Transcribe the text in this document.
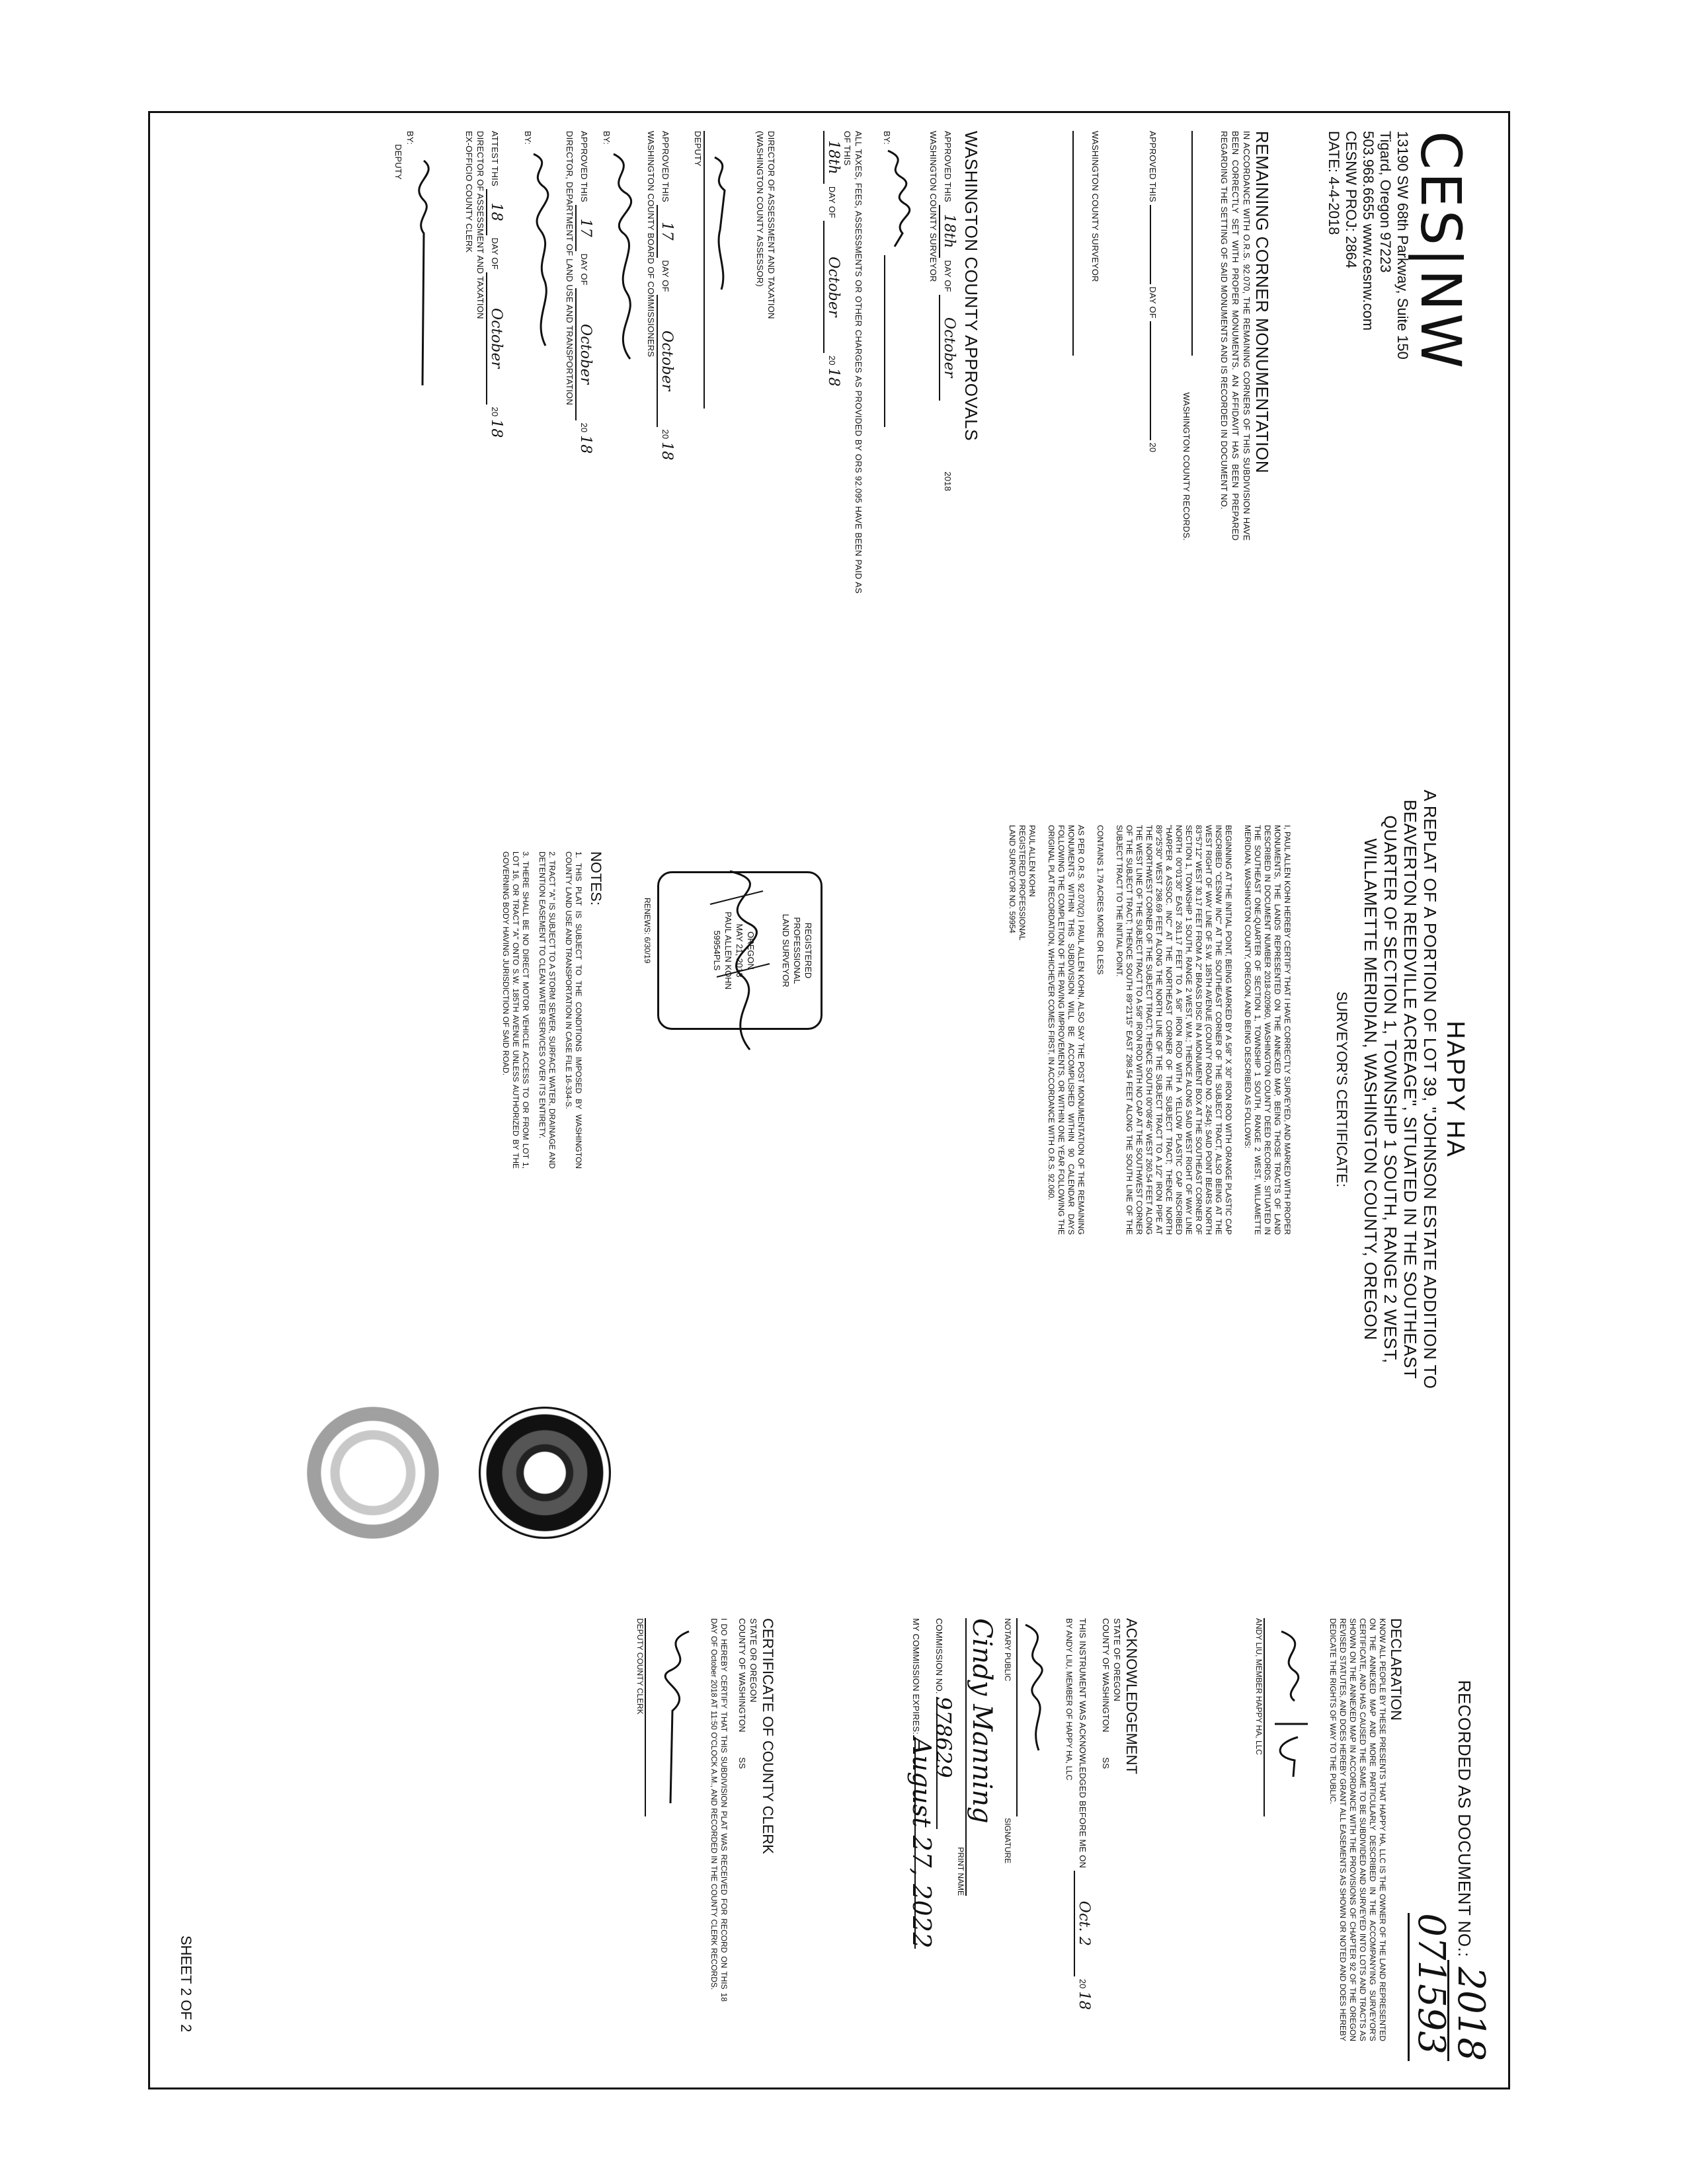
CES|NW
13190 SW 68th Parkway, Suite 150
Tigard, Oregon 97223
503.968.6655 www.cesnw.com
CESNW PROJ: 2864
DATE: 4-4-2018
REMAINING CORNER MONUMENTATION
IN ACCORDANCE WITH O.R.S. 92.070, THE REMAINING CORNERS OF THIS SUBDIVISION HAVE BEEN CORRECTLY SET WITH PROPER MONUMENTS. AN AFFIDAVIT HAS BEEN PREPARED REGARDING THE SETTING OF SAID MONUMENTS AND IS RECORDED IN DOCUMENT NO.
WASHINGTON COUNTY RECORDS.
APPROVED THIS  DAY OF  20
WASHINGTON COUNTY SURVEYOR
WASHINGTON COUNTY APPROVALS
APPROVED THIS 18th DAY OF October  2018
WASHINGTON COUNTY SURVEYOR
BY:
ALL TAXES, FEES, ASSESSMENTS OR OTHER CHARGES AS PROVIDED BY ORS 92.095 HAVE BEEN PAID AS OF THIS
18th DAY OF October 20 18
DIRECTOR OF ASSESSMENT AND TAXATION
(WASHINGTON COUNTY ASSESSOR)
DEPUTY
APPROVED THIS 17 DAY OF October 20 18
WASHINGTON COUNTY BOARD OF COMMISSIONERS
BY:
APPROVED THIS 17 DAY OF October 20 18
DIRECTOR, DEPARTMENT OF LAND USE AND TRANSPORTATION
BY:
ATTEST THIS 18 DAY OF October 20 18
DIRECTOR OF ASSESSMENT AND TAXATION
EX-OFFICIO COUNTY CLERK
BY:
DEPUTY
HAPPY HA
A REPLAT OF A PORTION OF LOT 39, "JOHNSON ESTATE ADDITION TO
BEAVERTON REEDVILLE ACREAGE", SITUATED IN THE SOUTHEAST
QUARTER OF SECTION 1, TOWNSHIP 1 SOUTH, RANGE 2 WEST,
WILLAMETTE MERIDIAN, WASHINGTON COUNTY, OREGON
SURVEYOR'S CERTIFICATE:
I, PAUL ALLEN KOHN HEREBY CERTIFY THAT I HAVE CORRECTLY SURVEYED, AND MARKED WITH PROPER MONUMENTS, THE LANDS REPRESENTED ON THE ANNEXED MAP, BEING THOSE TRACTS OF LAND DESCRIBED IN DOCUMENT NUMBER 2018-020960, WASHINGTON COUNTY DEED RECORDS, SITUATED IN THE SOUTHEAST ONE-QUARTER OF SECTION 1, TOWNSHIP 1 SOUTH, RANGE 2 WEST, WILLAMETTE MERIDIAN, WASHINGTON COUNTY, OREGON, AND BEING DESCRIBED AS FOLLOWS:
BEGINNING AT THE INITIAL POINT, BEING MARKED BY A 5/8" X 30" IRON ROD WITH ORANGE PLASTIC CAP INSCRIBED "CESNW INC" AT THE SOUTHEAST CORNER OF THE SUBJECT TRACT, ALSO BEING AT THE WEST RIGHT OF WAY LINE OF S.W. 185TH AVENUE (COUNTY ROAD NO. 2454); SAID POINT BEARS NORTH 83°57'12" WEST 30.17 FEET FROM A 2" BRASS DISC IN A MONUMENT BOX AT THE SOUTHEAST CORNER OF SECTION 1, TOWNSHIP 1 SOUTH, RANGE 2 WEST, W.M.; THENCE ALONG SAID WEST RIGHT OF WAY LINE NORTH 00°01'30" EAST 261.17 FEET TO A 5/8" IRON ROD WITH A YELLOW PLASTIC CAP INSCRIBED "HARPER & ASSOC. INC" AT THE NORTHEAST CORNER OF THE SUBJECT TRACT; THENCE NORTH 89°25'30" WEST 298.69 FEET ALONG THE NORTH LINE OF THE SUBJECT TRACT TO A 1/2" IRON PIPE AT THE NORTHWEST CORNER OF THE SUBJECT TRACT; THENCE SOUTH 00°08'46" WEST 260.54 FEET ALONG THE WEST LINE OF THE SUBJECT TRACT TO A 5/8" IRON ROD WITH NO CAP AT THE SOUTHWEST CORNER OF THE SUBJECT TRACT; THENCE SOUTH 89°21'15" EAST 298.54 FEET ALONG THE SOUTH LINE OF THE SUBJECT TRACT TO THE INITIAL POINT.
CONTAINS 1.79 ACRES MORE OR LESS
AS PER O.R.S. 92.070(2) I PAUL ALLEN KOHN, ALSO SAY THE POST MONUMENTATION OF THE REMAINING MONUMENTS WITHIN THIS SUBDIVISION WILL BE ACCOMPLISHED WITHIN 90 CALENDAR DAYS FOLLOWING THE COMPLETION OF THE PAVING IMPROVEMENTS, OR WITHIN ONE YEAR FOLLOWING THE ORIGINAL PLAT RECORDATION, WHICHEVER COMES FIRST, IN ACCORDANCE WITH O.R.S. 92.060.
PAUL ALLEN KOHN
REGISTERED PROFESSIONAL
LAND SURVEYOR NO. 59954
REGISTERED
PROFESSIONAL
LAND SURVEYOR
OREGON
MAY 21, 2013
PAUL ALLEN KOHN
59954PLS
RENEWS: 6/30/19
NOTES:
1. THIS PLAT IS SUBJECT TO THE CONDITIONS IMPOSED BY WASHINGTON COUNTY LAND USE AND TRANSPORTATION IN CASE FILE 16-334-S.
2. TRACT "A" IS SUBJECT TO A STORM SEWER, SURFACE WATER, DRAINAGE AND DETENTION EASEMENT TO CLEAN WATER SERVICES OVER ITS ENTIRETY.
3. THERE SHALL BE NO DIRECT MOTOR VEHICLE ACCESS TO OR FROM LOT 1, LOT 16, OR TRACT "A" ONTO S.W. 185TH AVENUE UNLESS AUTHORIZED BY THE GOVERNING BODY HAVING JURISDICTION OF SAID ROAD.
RECORDED AS DOCUMENT NO.: 2018 071593
DECLARATION
KNOW ALL PEOPLE BY THESE PRESENTS THAT HAPPY HA, LLC IS THE OWNER OF THE LAND REPRESENTED ON THE ANNEXED MAP AND MORE PARTICULARLY DESCRIBED IN THE ACCOMPANYING SURVEYOR'S CERTIFICATE, AND HAS CAUSED THE SAME TO BE SUBDIVIDED AND SURVEYED INTO LOTS AND TRACTS AS SHOWN ON THE ANNEXED MAP IN ACCORDANCE WITH THE PROVISIONS OF CHAPTER 92 OF THE OREGON REVISED STATUTES, AND DOES HEREBY GRANT ALL EASEMENTS AS SHOWN OR NOTED AND DOES HEREBY DEDICATE THE RIGHTS OF WAY TO THE PUBLIC.
ANDY LIU, MEMBER HAPPY HA, LLC
ACKNOWLEDGEMENT
STATE OF OREGON
COUNTY OF WASHINGTON  SS
THIS INSTRUMENT WAS ACKNOWLEDGED BEFORE ME ON Oct. 2 20 18
BY ANDY LIU, MEMBER OF HAPPY HA, LLC
NOTARY PUBLIC  SIGNATURE
Cindy Manning
PRINT NAME
COMMISSION NO. 978629
MY COMMISSION EXPIRES: August 27, 2022
CERTIFICATE OF COUNTY CLERK
STATE OR OREGON
COUNTY OF WASHINGTON  SS
I DO HEREBY CERTIFY THAT THIS SUBDIVISION PLAT WAS RECEIVED FOR RECORD ON THIS 18 DAY OF October 2018 AT 11:50 O'CLOCK A.M., AND RECORDED IN THE COUNTY CLERK RECORDS.
DEPUTY COUNTY CLERK
SHEET 2 OF 2
